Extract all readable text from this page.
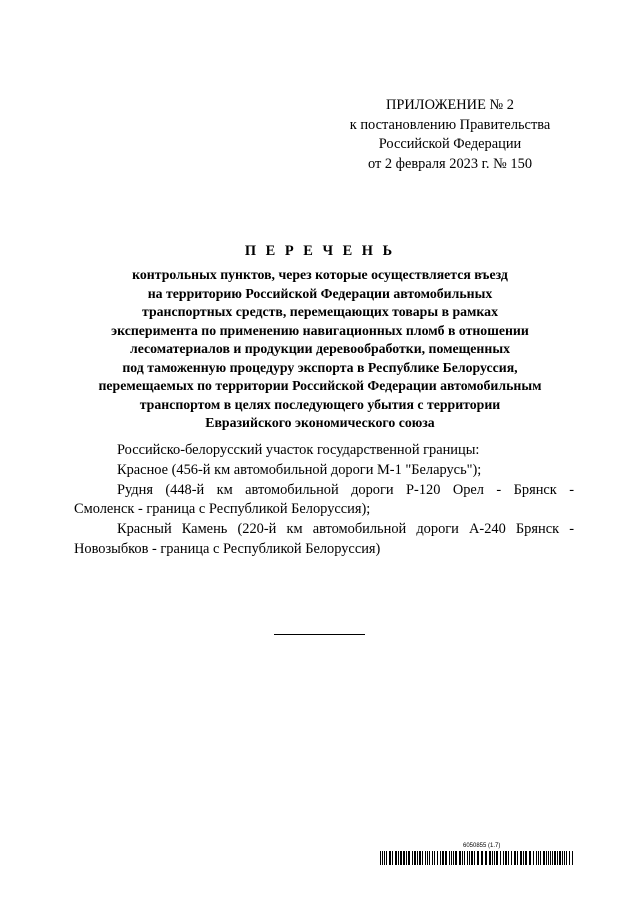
ПРИЛОЖЕНИЕ № 2
к постановлению Правительства
Российской Федерации
от 2 февраля 2023 г. № 150
П Е Р Е Ч Е Н Ь
контрольных пунктов, через которые осуществляется въезд
на территорию Российской Федерации автомобильных
транспортных средств, перемещающих товары в рамках
эксперимента по применению навигационных пломб в отношении
лесоматериалов и продукции деревообработки, помещенных
под таможенную процедуру экспорта в Республике Белоруссия,
перемещаемых по территории Российской Федерации автомобильным
транспортом в целях последующего убытия с территории
Евразийского экономического союза
Российско-белорусский участок государственной границы:
Красное (456-й км автомобильной дороги М-1 "Беларусь");
Рудня (448-й км автомобильной дороги Р-120 Орел - Брянск -
Смоленск - граница с Республикой Белоруссия);
Красный Камень (220-й км автомобильной дороги А-240 Брянск -
Новозыбков - граница с Республикой Белоруссия)
6050855 (1.7)
